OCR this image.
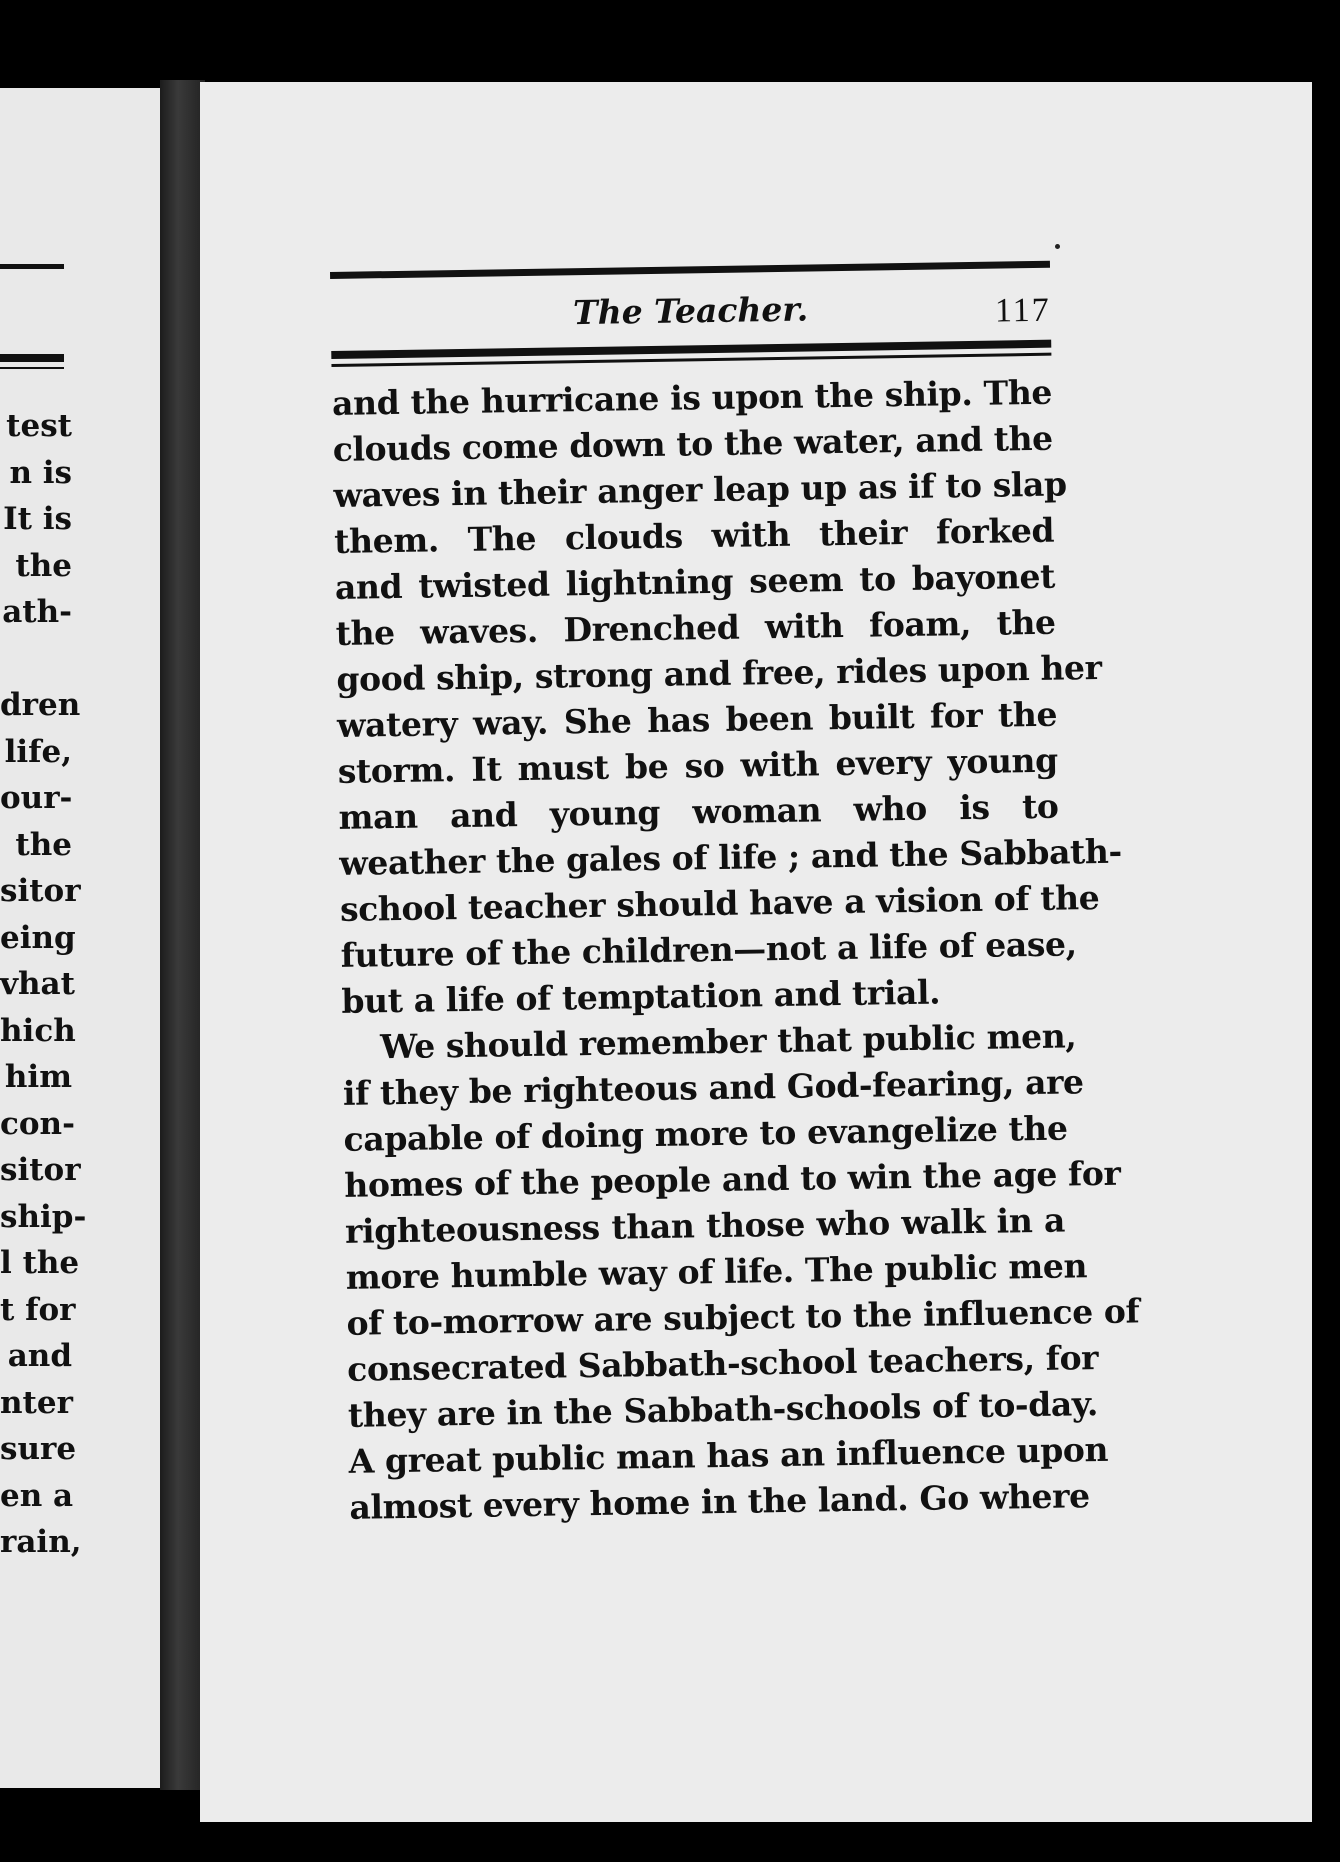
test
n is
It is
the
ath-
dren
life,
our-
the
sitor
eing
vhat
hich
him
con-
sitor
ship-
l the
t for
and
nter
sure
en a
rain,
The Teacher.	117
and the hurricane is upon the ship. The
clouds come down to the water, and the
waves in their anger leap up as if to slap
them. The clouds with their forked
and twisted lightning seem to bayonet
the waves. Drenched with foam, the
good ship, strong and free, rides upon her
watery way. She has been built for the
storm. It must be so with every young
man and young woman who is to
weather the gales of life ; and the Sabbath-
school teacher should have a vision of the
future of the children—not a life of ease,
but a life of temptation and trial.
We should remember that public men,
if they be righteous and God-fearing, are
capable of doing more to evangelize the
homes of the people and to win the age for
righteousness than those who walk in a
more humble way of life. The public men
of to-morrow are subject to the influence of
consecrated Sabbath-school teachers, for
they are in the Sabbath-schools of to-day.
A great public man has an influence upon
almost every home in the land. Go where
